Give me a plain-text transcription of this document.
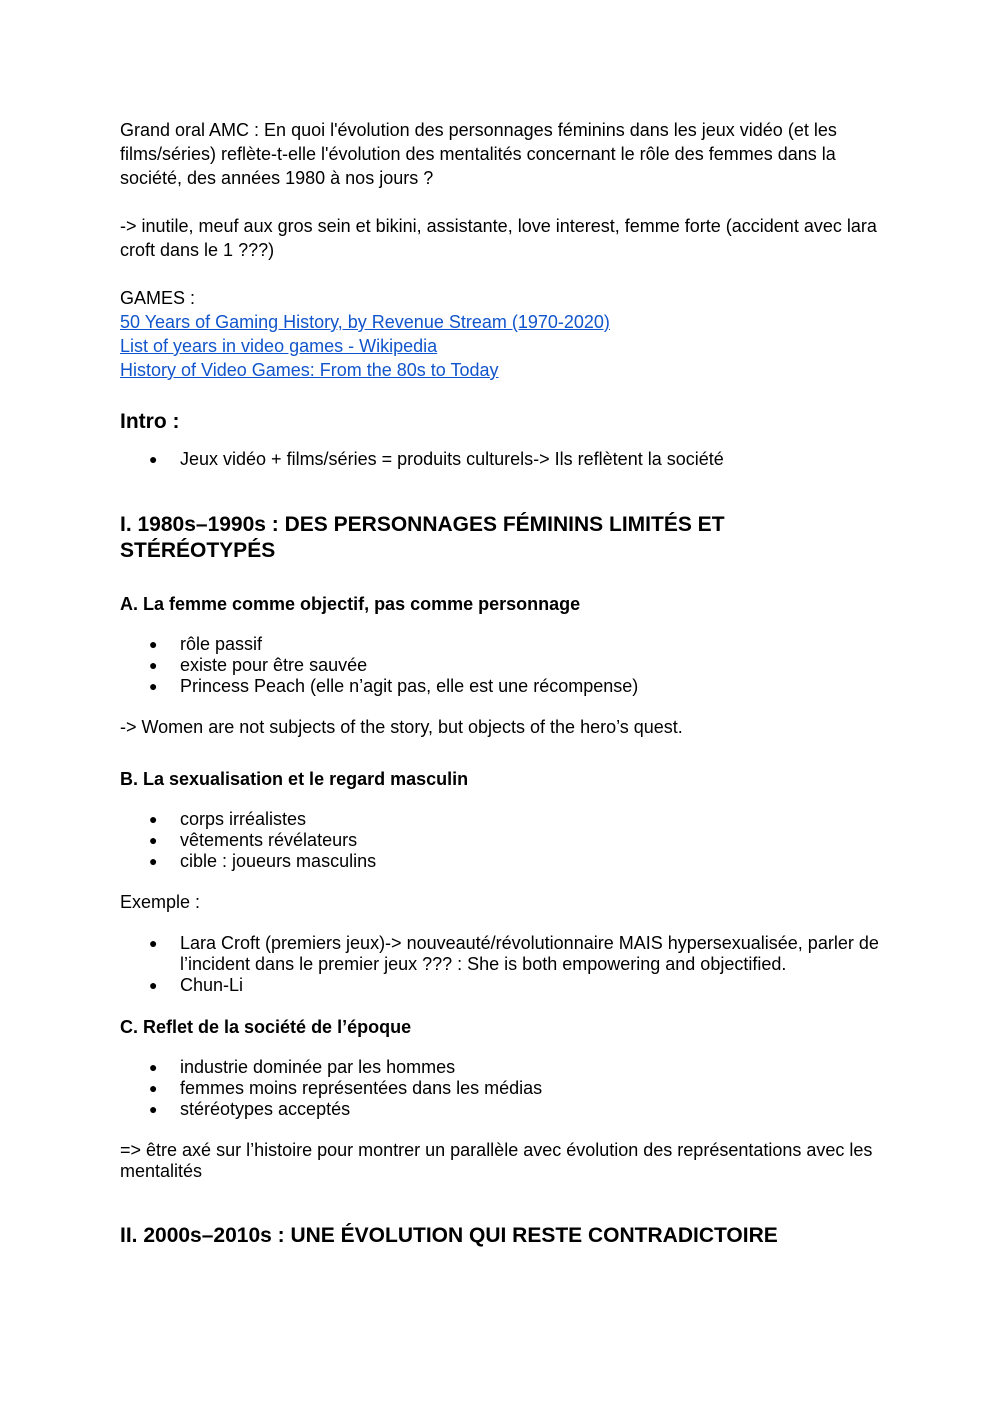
Grand oral AMC : En quoi l'évolution des personnages féminins dans les jeux vidéo (et les films/séries) reflète-t-elle l'évolution des mentalités concernant le rôle des femmes dans la société, des années 1980 à nos jours ?

-> inutile, meuf aux gros sein et bikini, assistante, love interest, femme forte (accident avec lara croft dans le 1 ???)

GAMES :

50 Years of Gaming History, by Revenue Stream (1970-2020)
List of years in video games - Wikipedia
History of Video Games: From the 80s to Today
Intro :
● Jeux vidéo + films/séries = produits culturels-> Ils reflètent la société
I. 1980s–1990s : DES PERSONNAGES FÉMININS LIMITÉS ET STÉRÉOTYPÉS
A. La femme comme objectif, pas comme personnage
● rôle passif
● existe pour être sauvée
● Princess Peach (elle n’agit pas, elle est une récompense)

-> Women are not subjects of the story, but objects of the hero’s quest.

B. La sexualisation et le regard masculin
● corps irréalistes
● vêtements révélateurs
● cible : joueurs masculins

Exemple :

● Lara Croft (premiers jeux)-> nouveauté/révolutionnaire MAIS hypersexualisée, parler de l’incident dans le premier jeux ??? : She is both empowering and objectified.
● Chun-Li
C. Reflet de la société de l’époque
● industrie dominée par les hommes
● femmes moins représentées dans les médias
● stéréotypes acceptés

=> être axé sur l’histoire pour montrer un parallèle avec évolution des représentations avec les mentalités

II. 2000s–2010s : UNE ÉVOLUTION QUI RESTE CONTRADICTOIRE
